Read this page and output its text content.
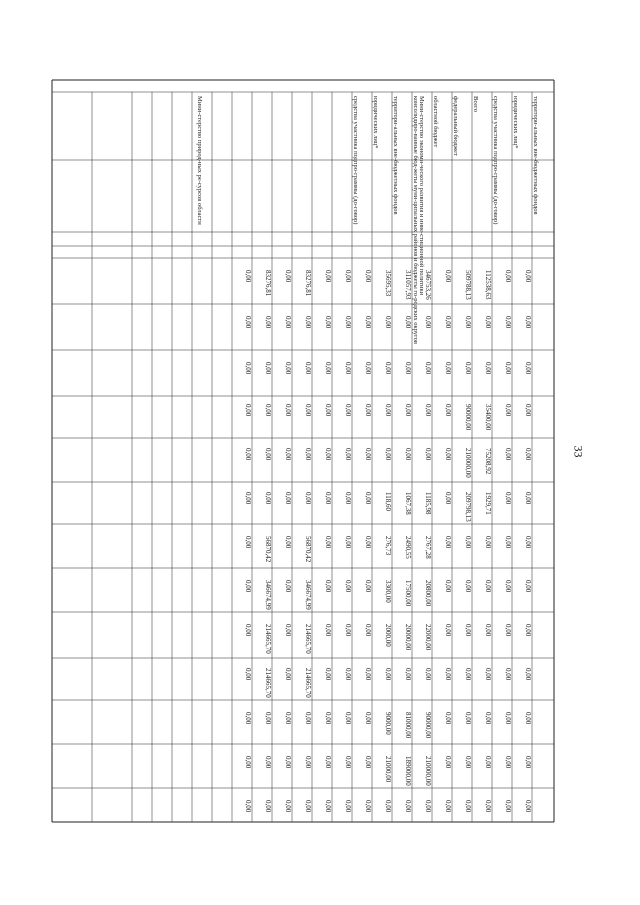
33
0,00
0,00
0,00
0,00
0,00
0,00
0,00
0,00
0,00
0,00
0,00
0,00
0,00
0,00
0,00
0,00
0,00
0,00
0,00
0,00
0,00
0,00
0,00
0,00
0,00
0,00
112538,63
0,00
0,00
35400,00
75208,92
1929,71
0,00
0,00
0,00
0,00
0,00
0,00
0,00
509788,13
0,00
0,00
90000,00
210000,00
209798,13
0,00
0,00
0,00
0,00
0,00
0,00
0,00
0,00
0,00
0,00
0,00
0,00
0,00
0,00
0,00
0,00
0,00
0,00
0,00
0,00
346753,26
0,00
0,00
0,00
0,00
1185,98
2767,28
20800,00
22000,00
0,00
90000,00
210000,00
0,00
311057,93
0,00
0,00
0,00
0,00
1067,38
2490,55
17500,00
20000,00
0,00
81000,00
189000,00
0,00
35695,33
0,00
0,00
0,00
0,00
118,60
276,73
3300,00
2000,00
0,00
9000,00
21000,00
0,00
0,00
0,00
0,00
0,00
0,00
0,00
0,00
0,00
0,00
0,00
0,00
0,00
0,00
0,00
0,00
0,00
0,00
0,00
0,00
0,00
0,00
0,00
0,00
0,00
0,00
0,00
0,00
0,00
0,00
0,00
0,00
0,00
0,00
0,00
0,00
0,00
0,00
0,00
0,00
83276,81
0,00
0,00
0,00
0,00
0,00
56870,42
346674,99
214665,70
214665,70
0,00
0,00
0,00
0,00
0,00
0,00
0,00
0,00
0,00
0,00
0,00
0,00
0,00
0,00
0,00
0,00
83276,81
0,00
0,00
0,00
0,00
0,00
56870,42
346674,99
214665,70
214665,70
0,00
0,00
0,00
0,00
0,00
0,00
0,00
0,00
0,00
0,00
0,00
0,00
0,00
0,00
0,00
0,00
территори-альных вне-бюджетных фондов
юридических лиц*
средства участника подпро-граммы (до-говор)
Всего
федеральный бюджет
областной бюджет
консолидиро-ванные бюд-жеты муни-ципальных районов и бюджеты го-родских округов
территори-альных вне-бюджетных фондов
юридических лиц*
средства участника подпро-граммы (до-говор)	Мини-стерство экономи-ческого развития и инве-стиционной политики
Мини-стерство природ-ных ре-сурсов области
